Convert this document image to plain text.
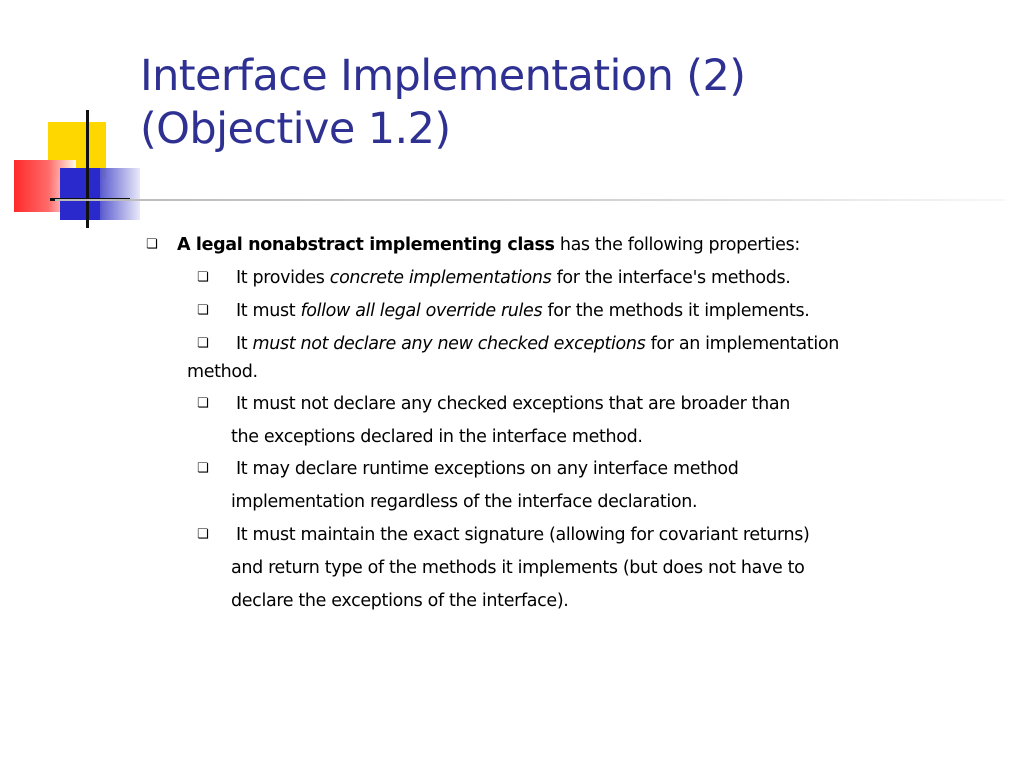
Interface Implementation (2)
(Objective 1.2)
❏ A legal nonabstract implementing class has the following properties:
❏ It provides concrete implementations for the interface's methods.
❏ It must follow all legal override rules for the methods it implements.
❏ It must not declare any new checked exceptions for an implementation
method.
❏ It must not declare any checked exceptions that are broader than
the exceptions declared in the interface method.
❏ It may declare runtime exceptions on any interface method
implementation regardless of the interface declaration.
❏ It must maintain the exact signature (allowing for covariant returns)
and return type of the methods it implements (but does not have to
declare the exceptions of the interface).
